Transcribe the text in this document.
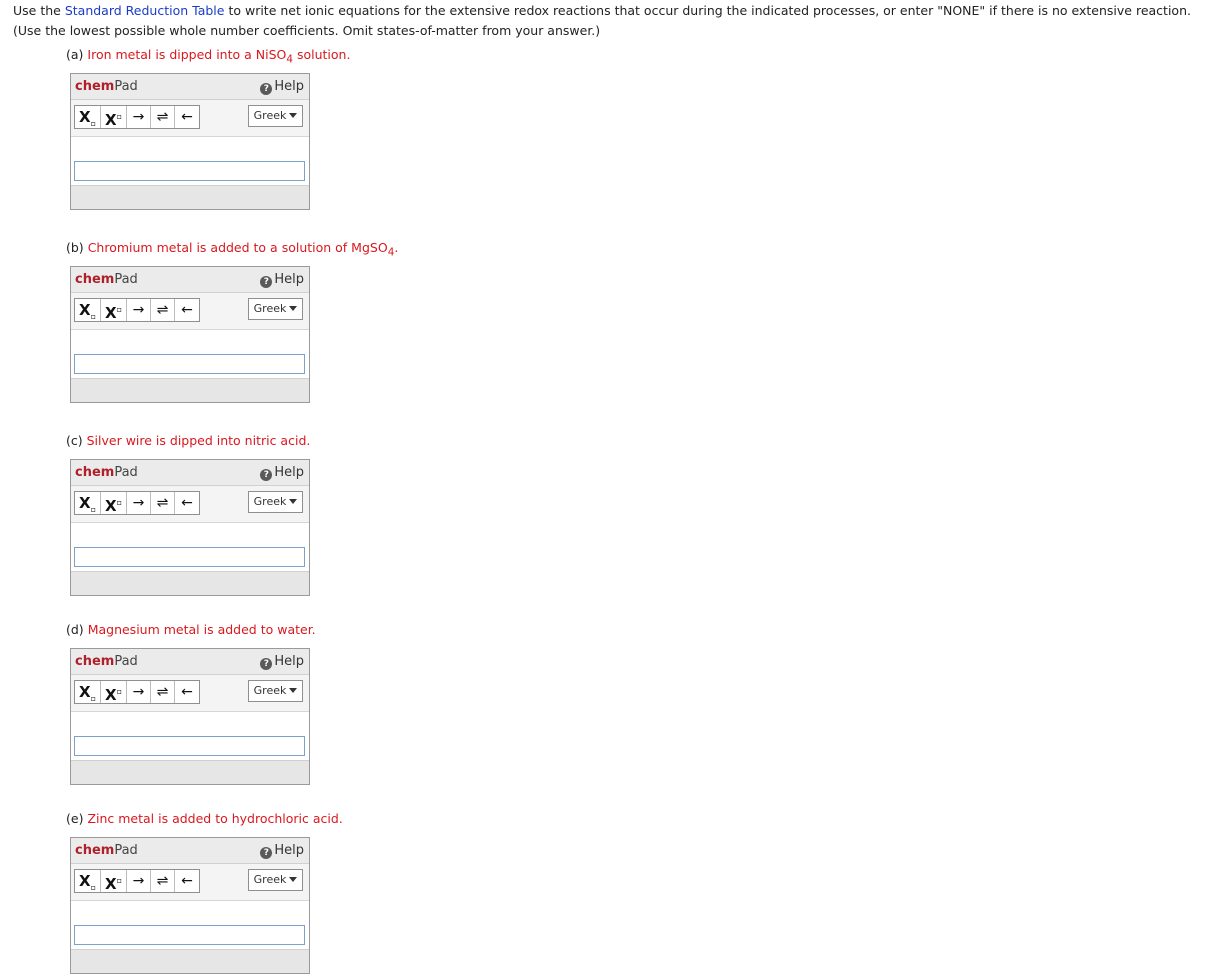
Use the Standard Reduction Table to write net ionic equations for the extensive redox reactions that occur during the indicated processes, or enter "NONE" if there is no extensive reaction. (Use the lowest possible whole number coefficients. Omit states-of-matter from your answer.)
(a) Iron metal is dipped into a NiSO$_4$ solution.
chemPad	? Help
$X_▫$ X▫ → ⇌ ←	Greek
(b) Chromium metal is added to a solution of MgSO$_4$.
chemPad	? Help
$X_▫$ X▫ → ⇌ ←	Greek
(c) Silver wire is dipped into nitric acid.
chemPad	? Help
$X_▫$ X▫ → ⇌ ←	Greek
(d) Magnesium metal is added to water.
chemPad	? Help
$X_▫$ X▫ → ⇌ ←	Greek
(e) Zinc metal is added to hydrochloric acid.
chemPad	? Help
$X_▫$ X▫ → ⇌ ←	Greek
